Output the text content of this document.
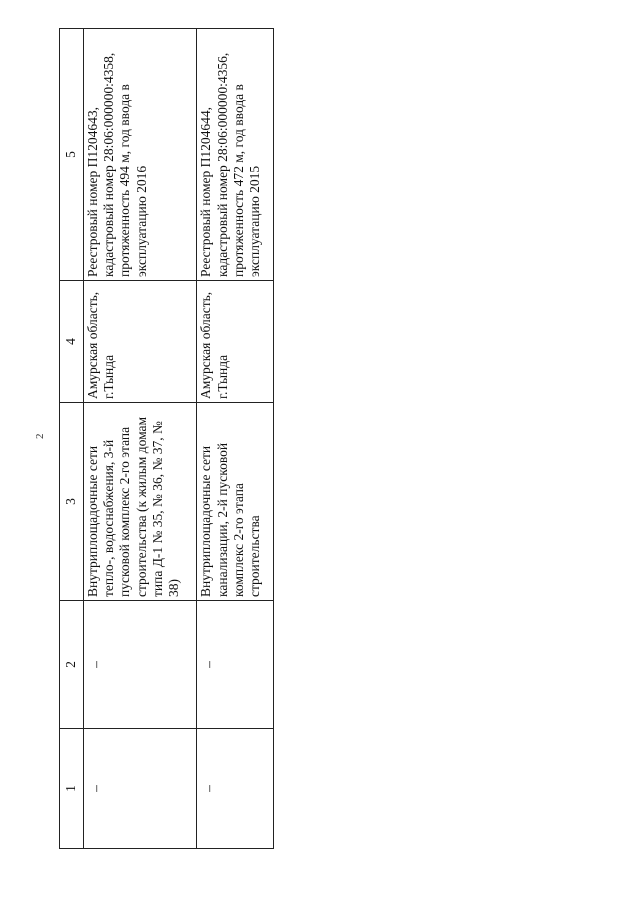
2
1	2	3	4	5
–	–	Внутриплощадочные сети тепло-, водоснабжения, 3-й пусковой комплекс 2-го этапа строительства (к жилым домам типа Д-1 № 35, № 36, № 37, № 38)	Амурская область, г.Тында	Реестровый номер П1204643, кадастровый номер 28:06:000000:4358, протяженность 494 м, год ввода в эксплуатацию 2016
–	–	Внутриплощадочные сети канализации, 2-й пусковой комплекс 2-го этапа строительства	Амурская область, г.Тында	Реестровый номер П1204644, кадастровый номер 28:06:000000:4356, протяженность 472 м, год ввода в эксплуатацию 2015
